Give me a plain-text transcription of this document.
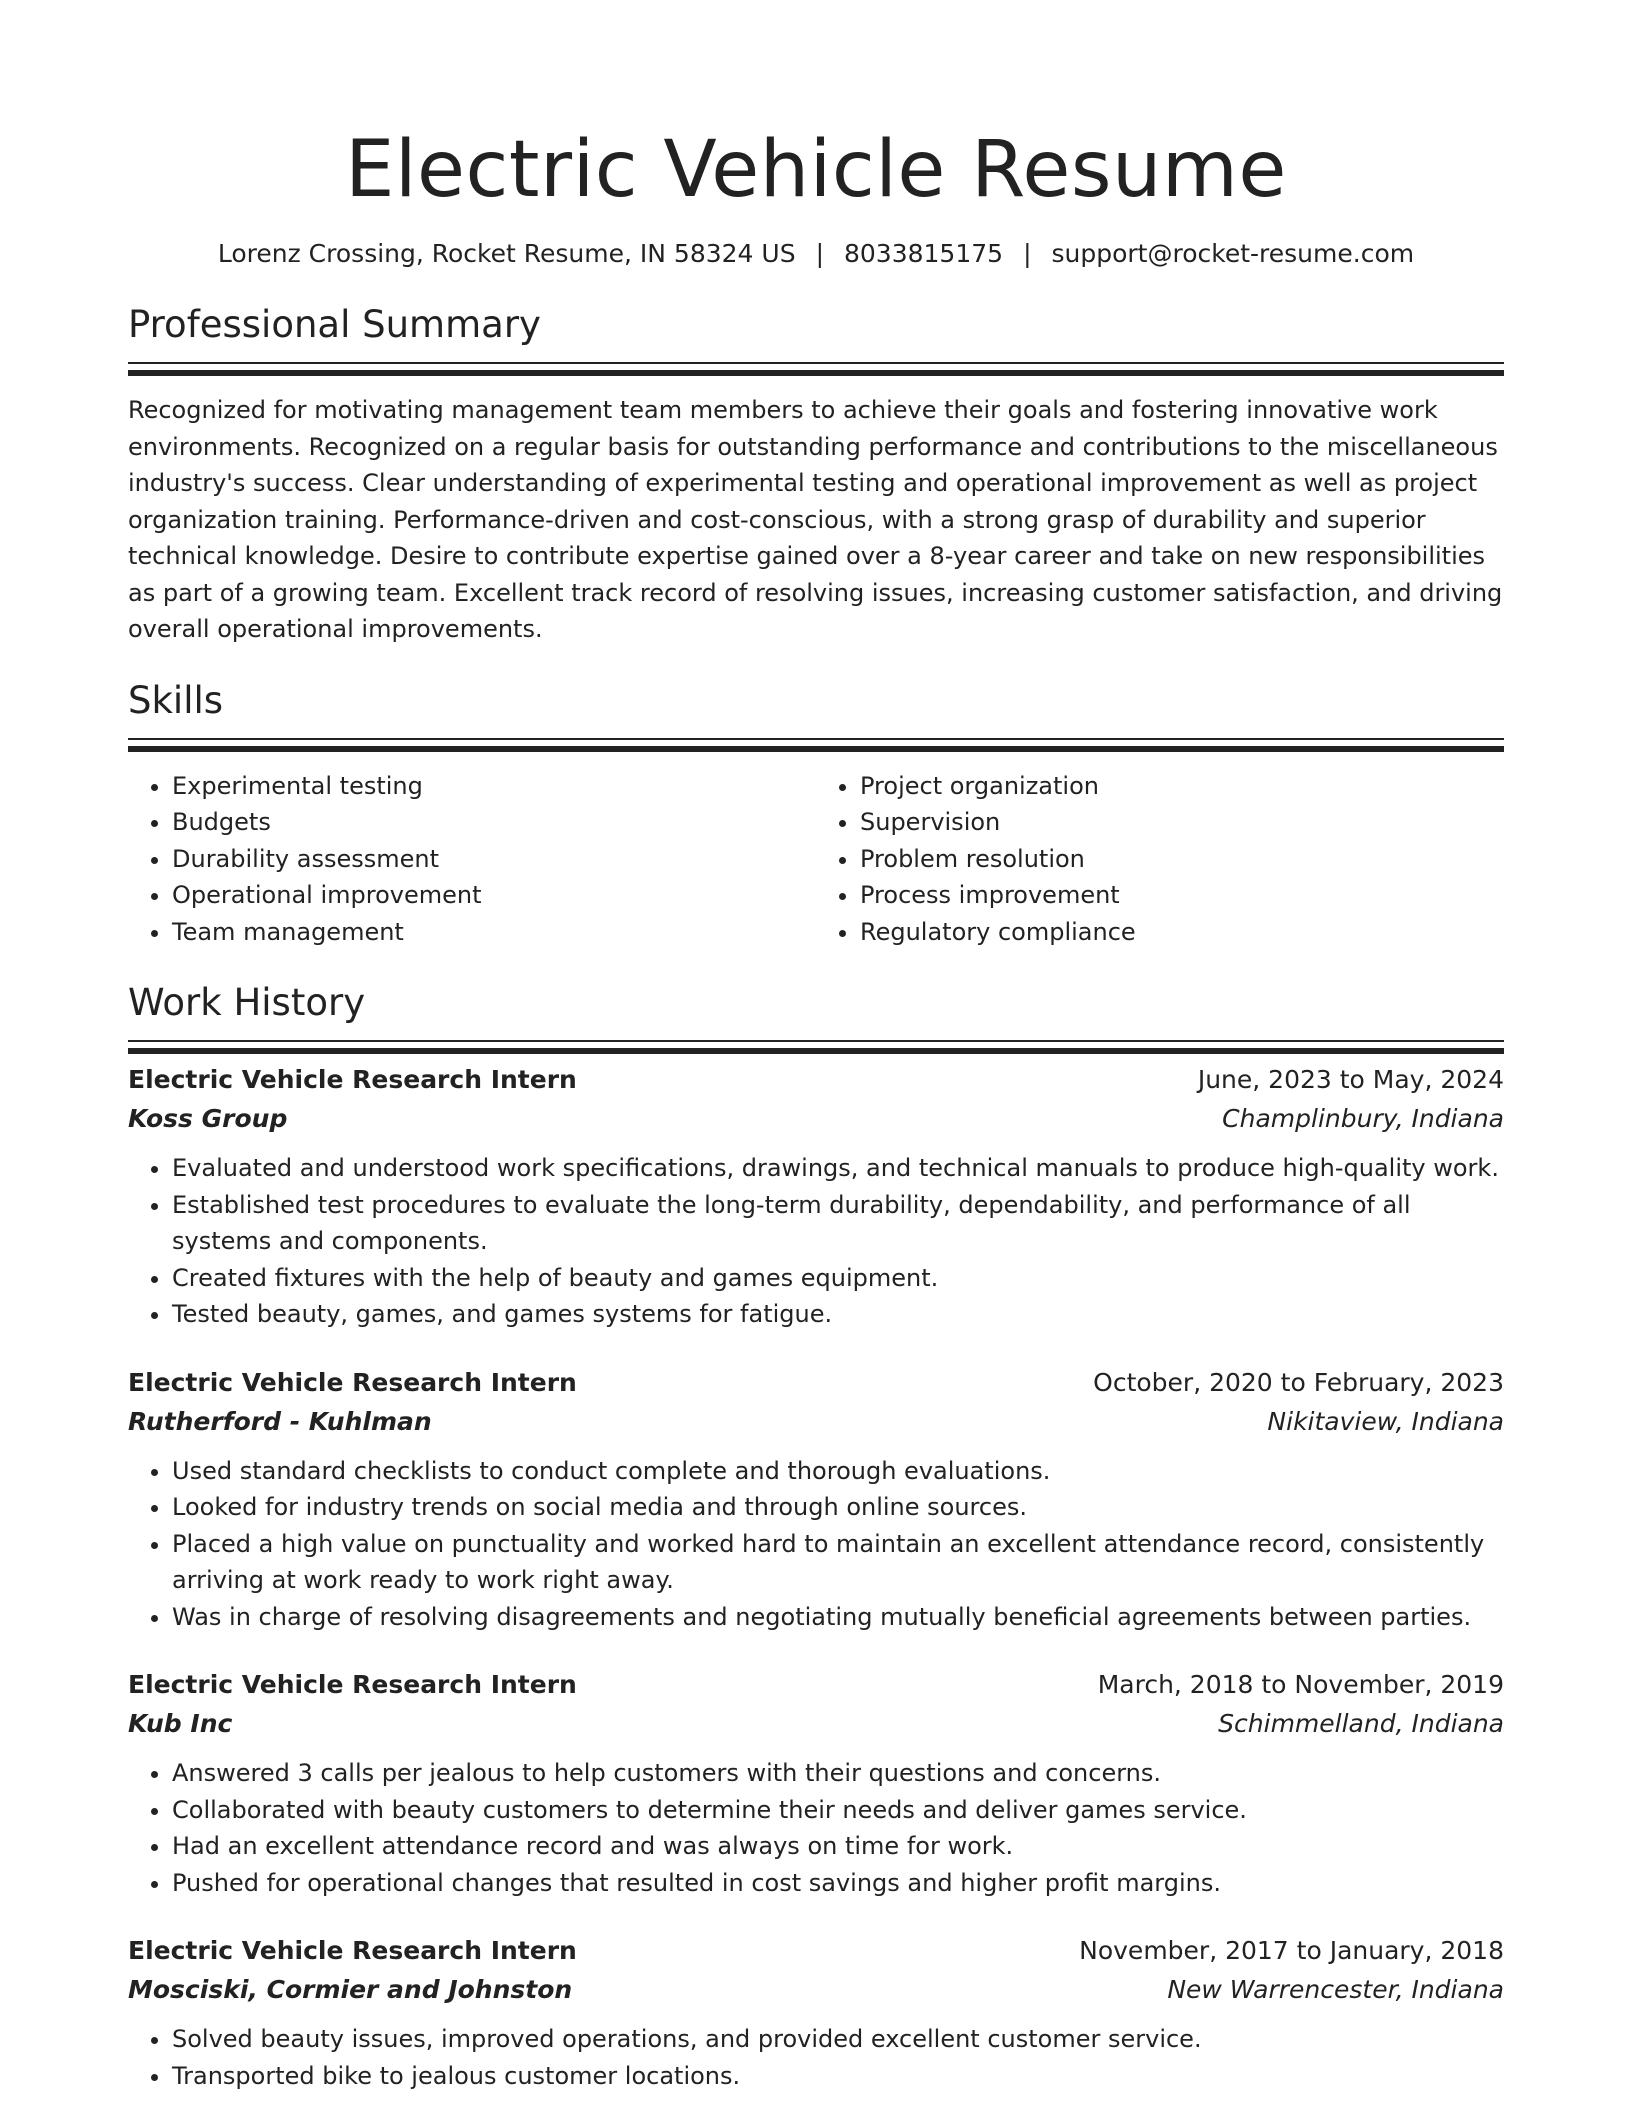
Electric Vehicle Resume
Lorenz Crossing, Rocket Resume, IN 58324 US | 8033815175 | support@rocket-resume.com
Professional Summary

Recognized for motivating management team members to achieve their goals and fostering innovative work environments. Recognized on a regular basis for outstanding performance and contributions to the miscellaneous industry's success. Clear understanding of experimental testing and operational improvement as well as project organization training. Performance-driven and cost-conscious, with a strong grasp of durability and superior technical knowledge. Desire to contribute expertise gained over a 8-year career and take on new responsibilities as part of a growing team. Excellent track record of resolving issues, increasing customer satisfaction, and driving overall operational improvements.

Skills
• Experimental testing
• Budgets
• Durability assessment
• Operational improvement
• Team management
• Project organization
• Supervision
• Problem resolution
• Process improvement
• Regulatory compliance
Work History
Electric Vehicle Research Intern	June, 2023 to May, 2024
Koss Group	Champlinbury, Indiana
• Evaluated and understood work specifications, drawings, and technical manuals to produce high-quality work.
• Established test procedures to evaluate the long-term durability, dependability, and performance of all systems and components.
• Created fixtures with the help of beauty and games equipment.
• Tested beauty, games, and games systems for fatigue.
Electric Vehicle Research Intern	October, 2020 to February, 2023
Rutherford - Kuhlman	Nikitaview, Indiana
• Used standard checklists to conduct complete and thorough evaluations.
• Looked for industry trends on social media and through online sources.
• Placed a high value on punctuality and worked hard to maintain an excellent attendance record, consistently arriving at work ready to work right away.
• Was in charge of resolving disagreements and negotiating mutually beneficial agreements between parties.
Electric Vehicle Research Intern	March, 2018 to November, 2019
Kub Inc	Schimmelland, Indiana
• Answered 3 calls per jealous to help customers with their questions and concerns.
• Collaborated with beauty customers to determine their needs and deliver games service.
• Had an excellent attendance record and was always on time for work.
• Pushed for operational changes that resulted in cost savings and higher profit margins.
Electric Vehicle Research Intern	November, 2017 to January, 2018
Mosciski, Cormier and Johnston	New Warrencester, Indiana
• Solved beauty issues, improved operations, and provided excellent customer service.
• Transported bike to jealous customer locations.
